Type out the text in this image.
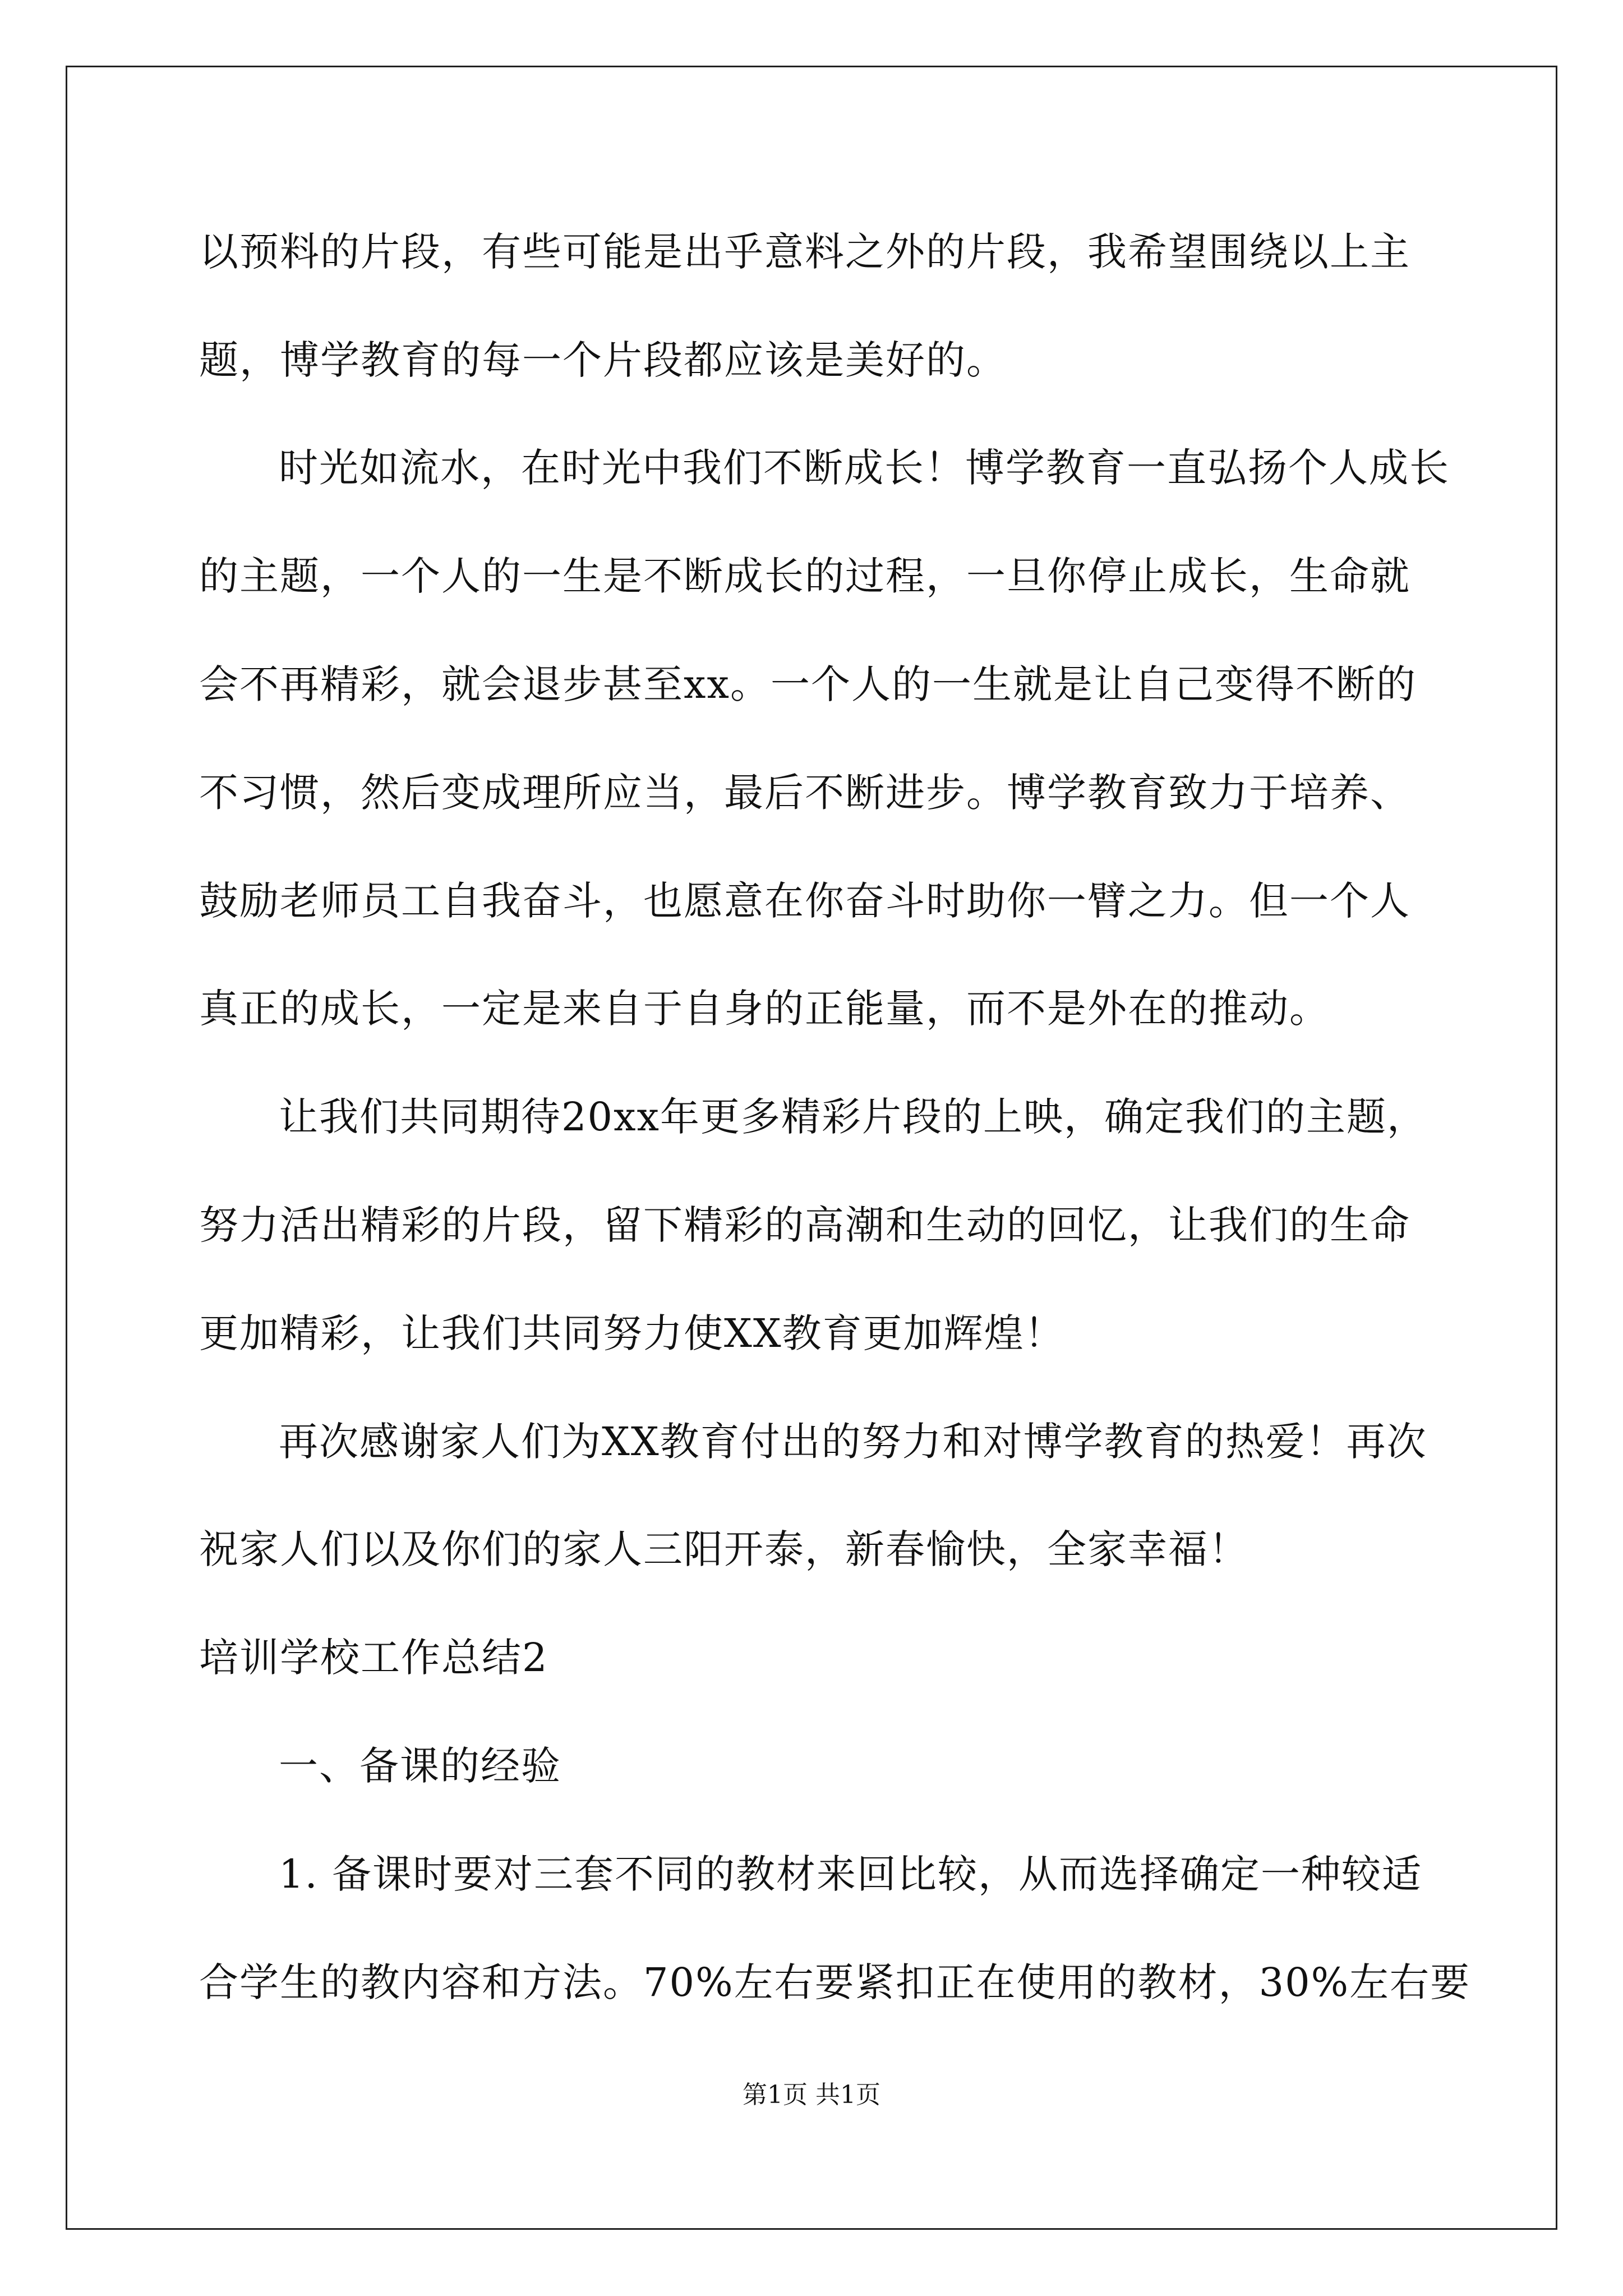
以预料的片段，有些可能是出乎意料之外的片段，我希望围绕以上主
题，博学教育的每一个片段都应该是美好的。
时光如流水，在时光中我们不断成长！博学教育一直弘扬个人成长
的主题，一个人的一生是不断成长的过程，一旦你停止成长，生命就
会不再精彩，就会退步甚至xx。一个人的一生就是让自己变得不断的
不习惯，然后变成理所应当，最后不断进步。博学教育致力于培养、
鼓励老师员工自我奋斗，也愿意在你奋斗时助你一臂之力。但一个人
真正的成长，一定是来自于自身的正能量，而不是外在的推动。
让我们共同期待20xx年更多精彩片段的上映，确定我们的主题，
努力活出精彩的片段，留下精彩的高潮和生动的回忆，让我们的生命
更加精彩，让我们共同努力使XX教育更加辉煌！
再次感谢家人们为XX教育付出的努力和对博学教育的热爱！再次
祝家人们以及你们的家人三阳开泰，新春愉快，全家幸福！
培训学校工作总结2
一、备课的经验
1. 备课时要对三套不同的教材来回比较，从而选择确定一种较适
合学生的教内容和方法。70%左右要紧扣正在使用的教材，30%左右要
第1页 共1页
